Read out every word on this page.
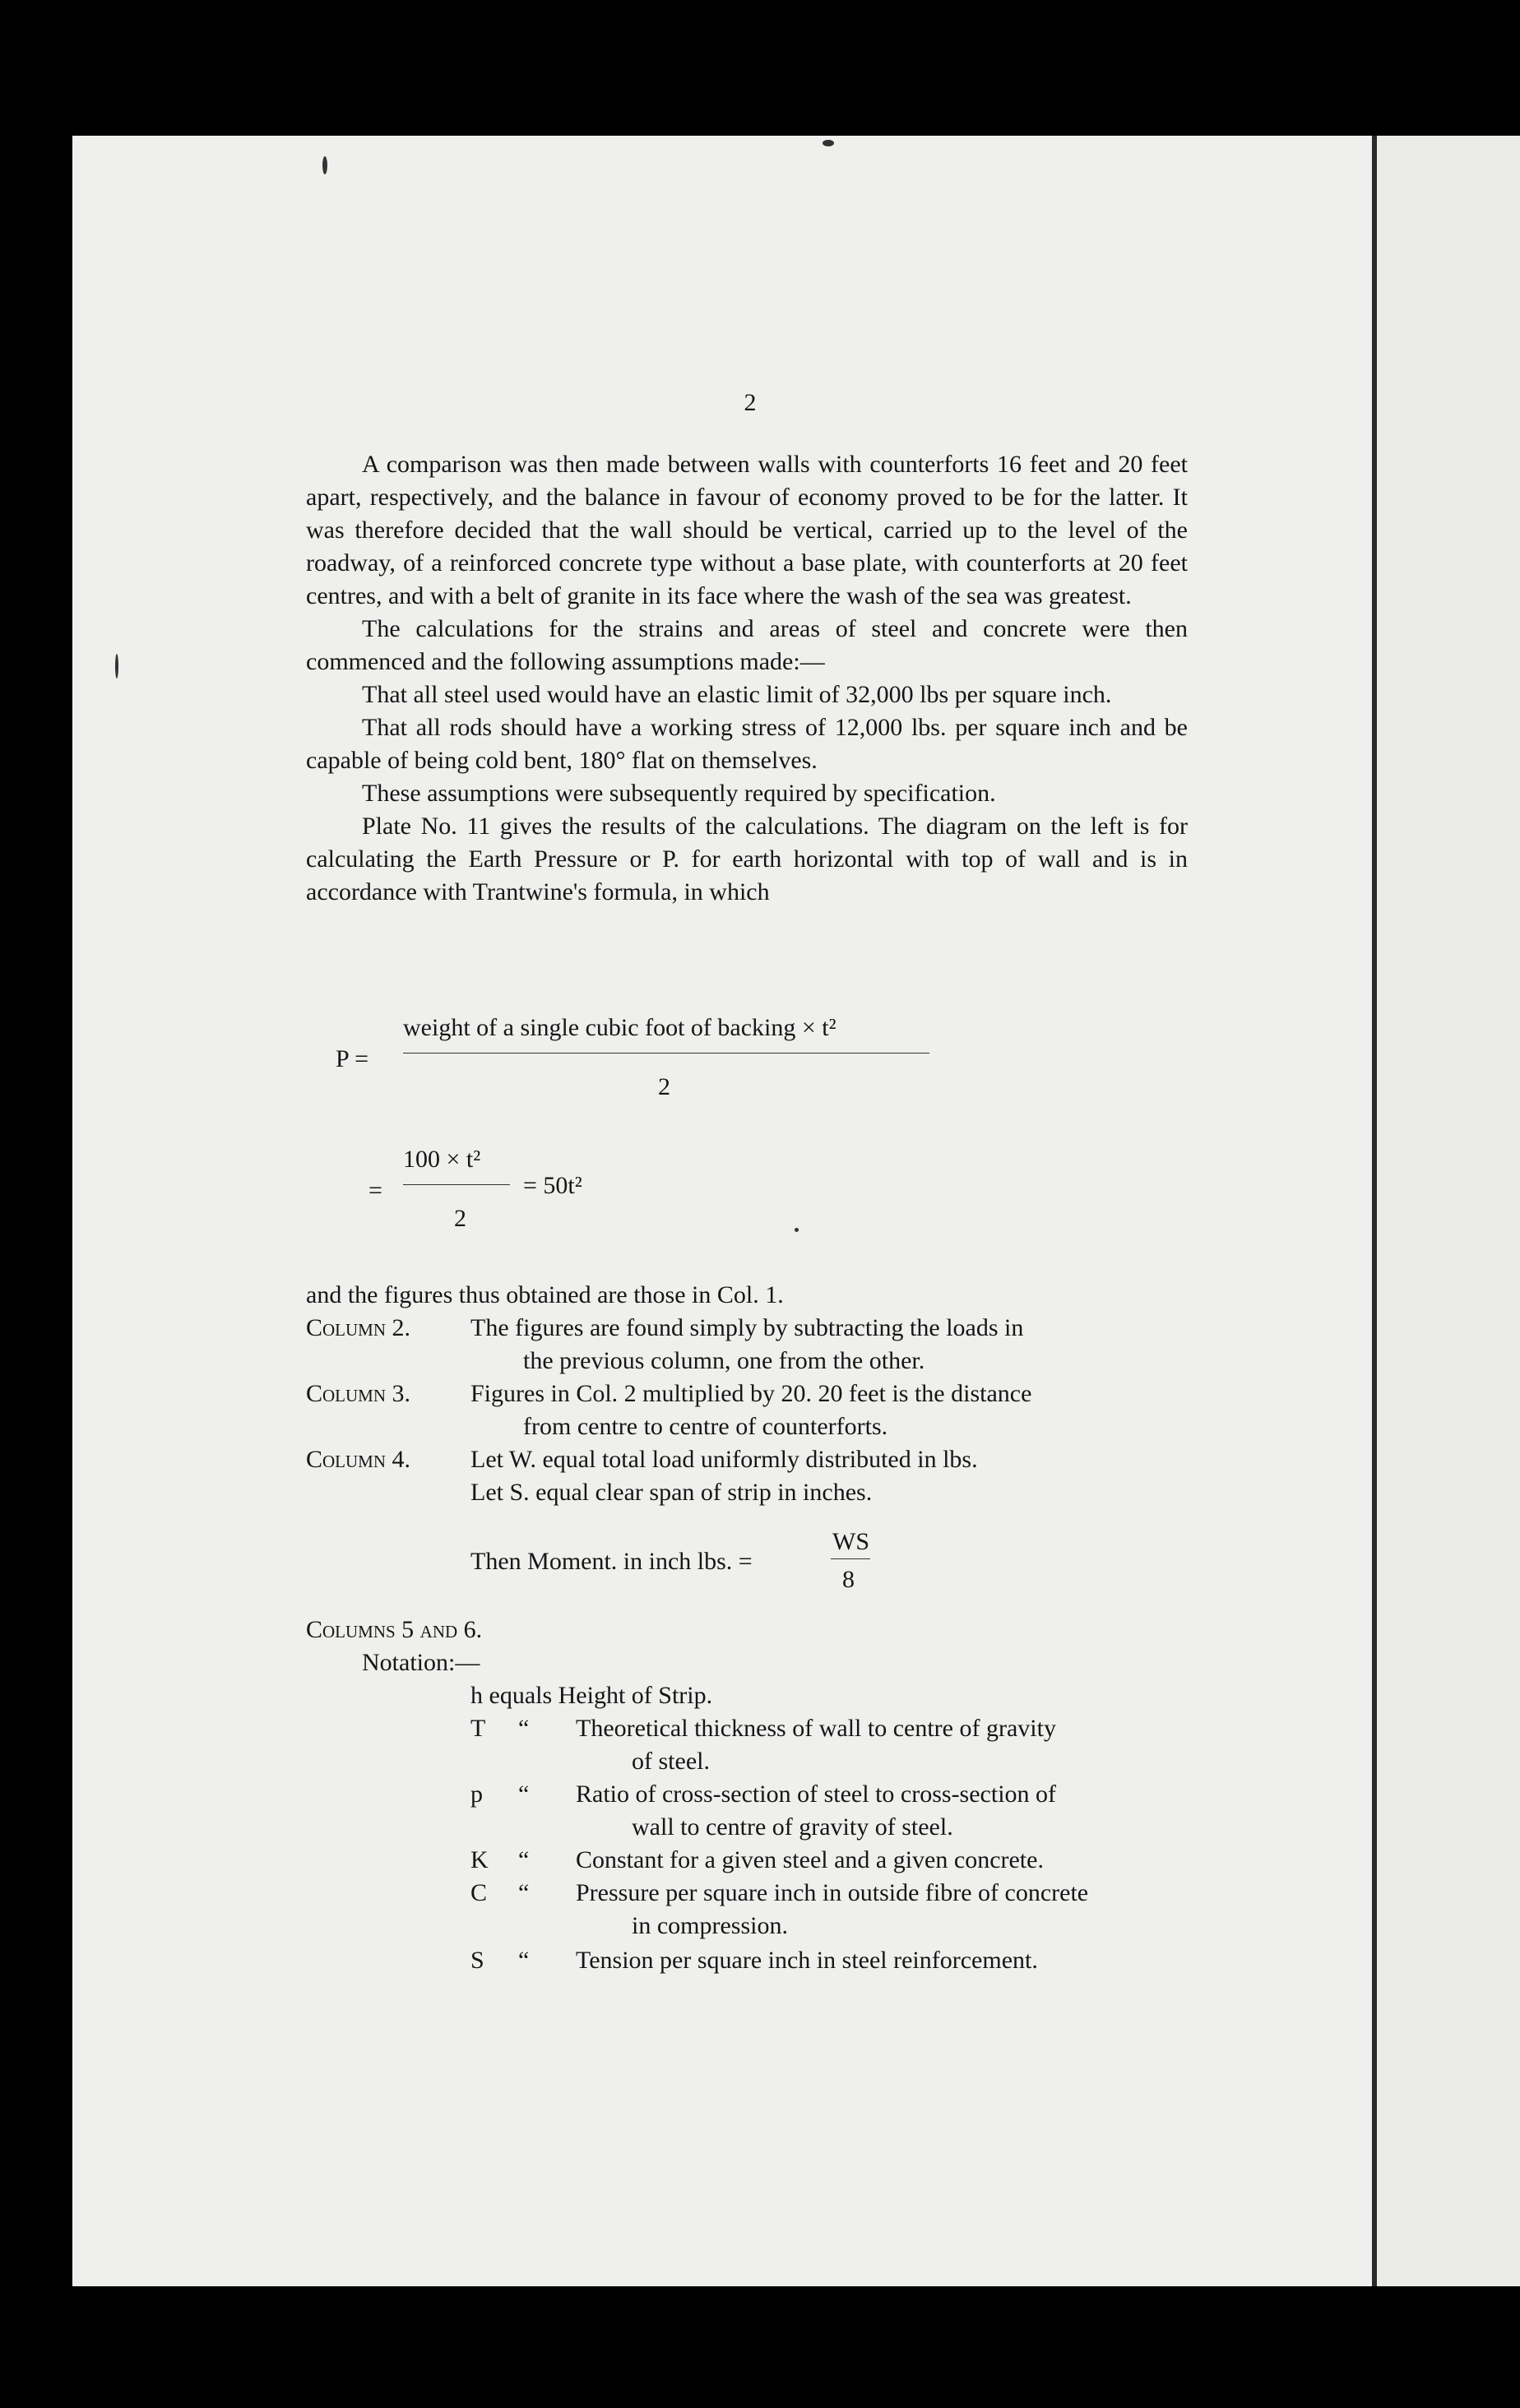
2

A comparison was then made between walls with counterforts 16 feet and 20 feet apart, respectively, and the balance in favour of economy proved to be for the latter. It was therefore decided that the wall should be vertical, carried up to the level of the roadway, of a reinforced concrete type without a base plate, with counterforts at 20 feet centres, and with a belt of granite in its face where the wash of the sea was greatest.

The calculations for the strains and areas of steel and concrete were then commenced and the following assumptions made:—

That all steel used would have an elastic limit of 32,000 lbs per square inch.

That all rods should have a working stress of 12,000 lbs. per square inch and be capable of being cold bent, 180° flat on themselves.

These assumptions were subsequently required by specification.

Plate No. 11 gives the results of the calculations. The diagram on the left is for calculating the Earth Pressure or P. for earth horizontal with top of wall and is in accordance with Trantwine's formula, in which

P =
weight of a single cubic foot of backing × t²
2
=
100 × t²
2
= 50t²
and the figures thus obtained are those in Col. 1.
Column 2. The figures are found simply by subtracting the loads in
the previous column, one from the other.
Column 3. Figures in Col. 2 multiplied by 20. 20 feet is the distance
from centre to centre of counterforts.
Column 4. Let W. equal total load uniformly distributed in lbs.
Let S. equal clear span of strip in inches.
Then Moment. in inch lbs. =
WS
8
Columns 5 and 6.
Notation:—
h equals Height of Strip.
T	“ Theoretical thickness of wall to centre of gravity
of steel.
p	“ Ratio of cross-section of steel to cross-section of
wall to centre of gravity of steel.
K	“ Constant for a given steel and a given concrete.
C	“ Pressure per square inch in outside fibre of concrete
in compression.
S	“ Tension per square inch in steel reinforcement.
